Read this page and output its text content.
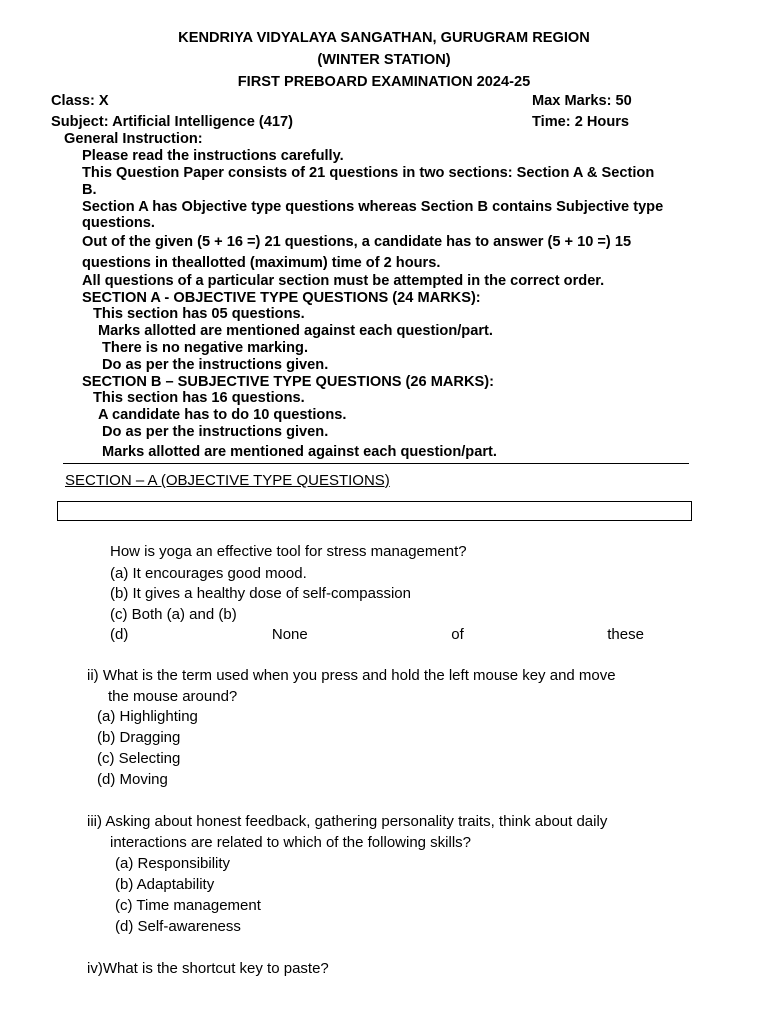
KENDRIYA VIDYALAYA SANGATHAN, GURUGRAM REGION
(WINTER STATION)
FIRST PREBOARD EXAMINATION 2024-25
Class: X	Max Marks: 50
Subject: Artificial Intelligence (417)	Time: 2 Hours
General Instruction:
Please read the instructions carefully.
This Question Paper consists of 21 questions in two sections: Section A & Section
B.
Section A has Objective type questions whereas Section B contains Subjective type
questions.
Out of the given (5 + 16 =) 21 questions, a candidate has to answer (5 + 10 =) 15
questions in theallotted (maximum) time of 2 hours.
All questions of a particular section must be attempted in the correct order.
SECTION A - OBJECTIVE TYPE QUESTIONS (24 MARKS):
This section has 05 questions.
Marks allotted are mentioned against each question/part.
There is no negative marking.
Do as per the instructions given.
SECTION B – SUBJECTIVE TYPE QUESTIONS (26 MARKS):
This section has 16 questions.
A candidate has to do 10 questions.
Do as per the instructions given.
Marks allotted are mentioned against each question/part.
SECTION – A (OBJECTIVE TYPE QUESTIONS)
How is yoga an effective tool for stress management?
(a) It encourages good mood.
(b) It gives a healthy dose of self-compassion
(c) Both (a) and (b)
(d)	None	of	these
ii) What is the term used when you press and hold the left mouse key and move
the mouse around?
(a) Highlighting
(b) Dragging
(c) Selecting
(d) Moving
iii) Asking about honest feedback, gathering personality traits, think about daily
interactions are related to which of the following skills?
(a) Responsibility
(b) Adaptability
(c) Time management
(d) Self-awareness
iv)What is the shortcut key to paste?
